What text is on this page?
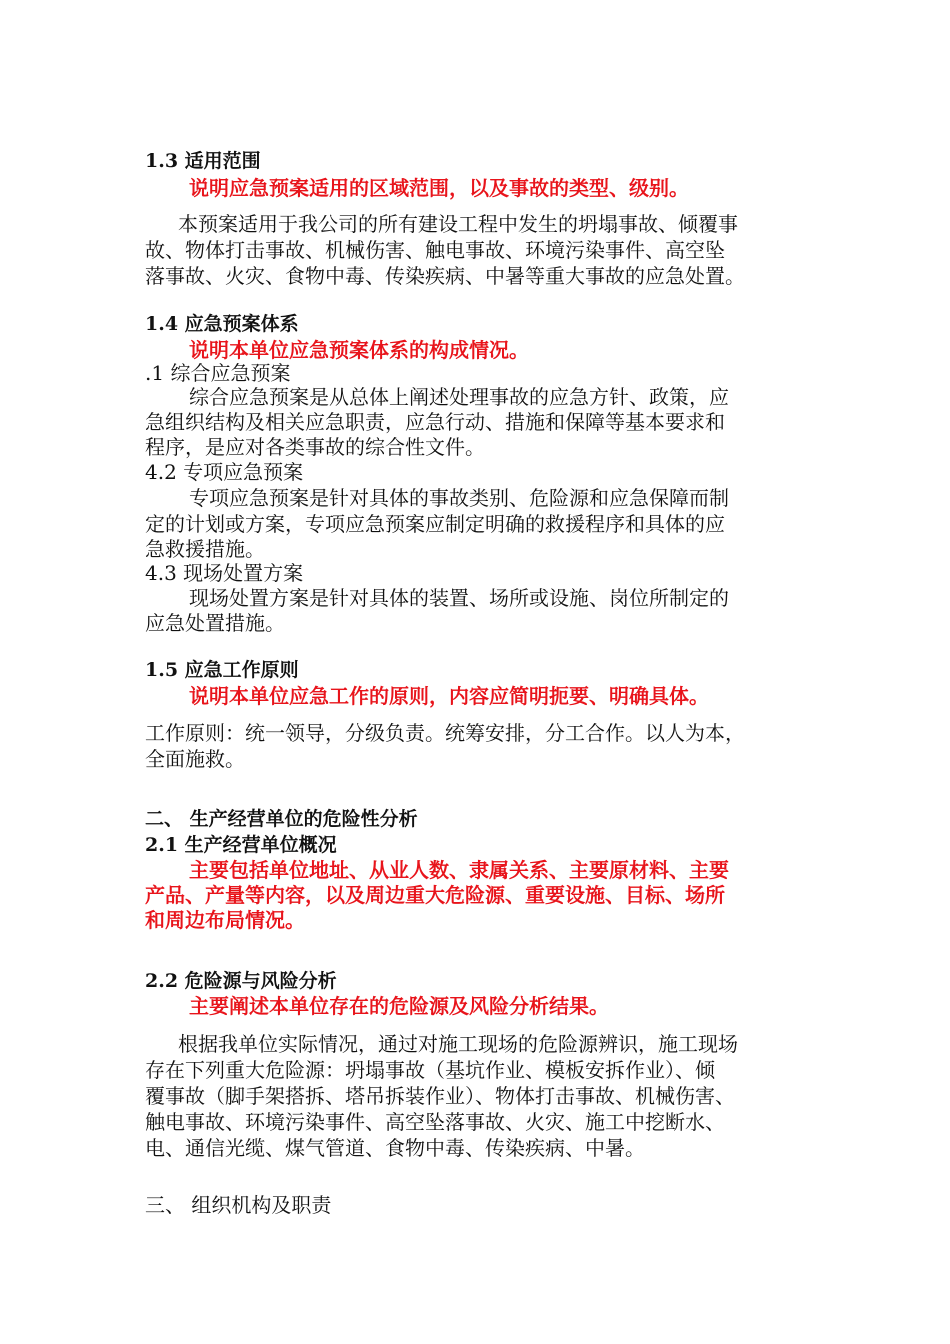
1.3 适用范围
说明应急预案适用的区域范围，以及事故的类型、级别。
本预案适用于我公司的所有建设工程中发生的坍塌事故、倾覆事
故、物体打击事故、机械伤害、触电事故、环境污染事件、高空坠
落事故、火灾、食物中毒、传染疾病、中暑等重大事故的应急处置。
1.4 应急预案体系
说明本单位应急预案体系的构成情况。
.1 综合应急预案
综合应急预案是从总体上阐述处理事故的应急方针、政策，应
急组织结构及相关应急职责，应急行动、措施和保障等基本要求和
程序，是应对各类事故的综合性文件。
4.2 专项应急预案
专项应急预案是针对具体的事故类别、危险源和应急保障而制
定的计划或方案，专项应急预案应制定明确的救援程序和具体的应
急救援措施。
4.3 现场处置方案
现场处置方案是针对具体的装置、场所或设施、岗位所制定的
应急处置措施。
1.5 应急工作原则
说明本单位应急工作的原则，内容应简明扼要、明确具体。
工作原则：统一领导，分级负责。统筹安排，分工合作。以人为本，
全面施救。
二、 生产经营单位的危险性分析
2.1 生产经营单位概况
主要包括单位地址、从业人数、隶属关系、主要原材料、主要
产品、产量等内容，以及周边重大危险源、重要设施、目标、场所
和周边布局情况。
2.2 危险源与风险分析
主要阐述本单位存在的危险源及风险分析结果。
根据我单位实际情况，通过对施工现场的危险源辨识，施工现场
存在下列重大危险源：坍塌事故（基坑作业、模板安拆作业）、倾
覆事故（脚手架搭拆、塔吊拆装作业）、物体打击事故、机械伤害、
触电事故、环境污染事件、高空坠落事故、火灾、施工中挖断水、
电、通信光缆、煤气管道、食物中毒、传染疾病、中暑。
三、 组织机构及职责
